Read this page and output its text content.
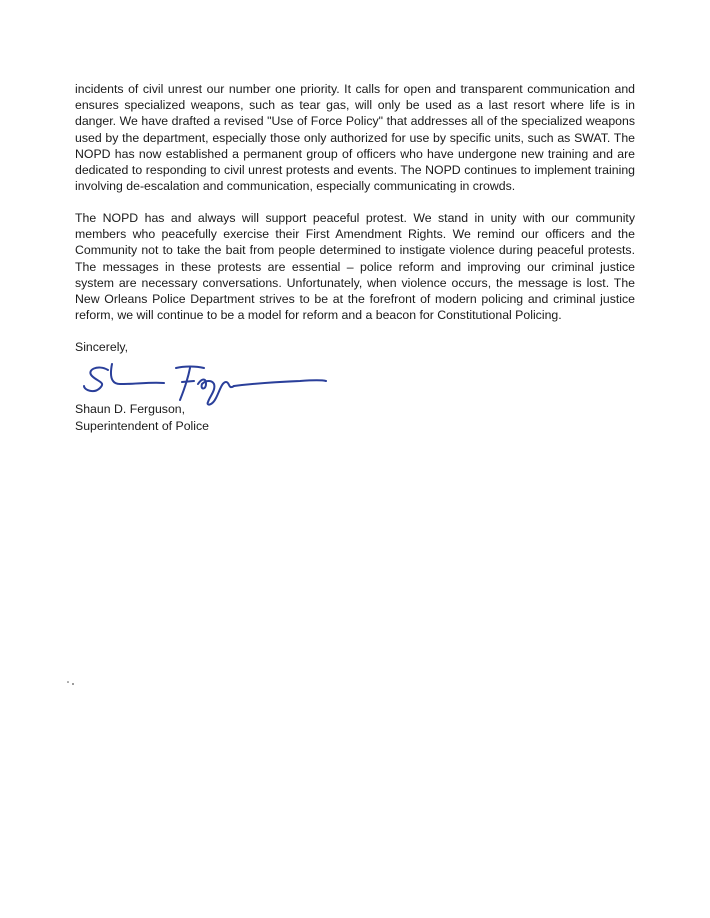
incidents of civil unrest our number one priority. It calls for open and transparent communication and ensures specialized weapons, such as tear gas, will only be used as a last resort where life is in danger. We have drafted a revised "Use of Force Policy" that addresses all of the specialized weapons used by the department, especially those only authorized for use by specific units, such as SWAT. The NOPD has now established a permanent group of officers who have undergone new training and are dedicated to responding to civil unrest protests and events. The NOPD continues to implement training involving de-escalation and communication, especially communicating in crowds.

The NOPD has and always will support peaceful protest. We stand in unity with our community members who peacefully exercise their First Amendment Rights. We remind our officers and the Community not to take the bait from people determined to instigate violence during peaceful protests. The messages in these protests are essential – police reform and improving our criminal justice system are necessary conversations. Unfortunately, when violence occurs, the message is lost. The New Orleans Police Department strives to be at the forefront of modern policing and criminal justice reform, we will continue to be a model for reform and a beacon for Constitutional Policing.

Sincerely,

Shaun D. Ferguson,

Superintendent of Police
